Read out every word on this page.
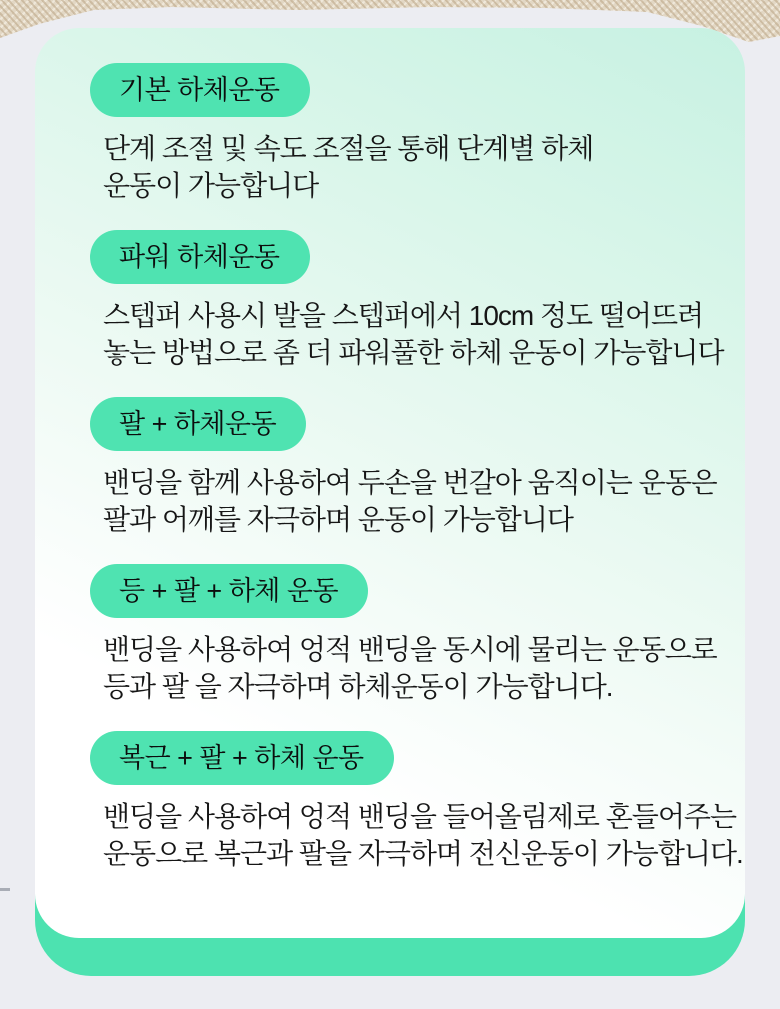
기본 하체운동
단계 조절 및 속도 조절을 통해 단계별 하체
운동이 가능합니다
파워 하체운동
스텝퍼 사용시 발을 스텝퍼에서 10cm 정도 떨어뜨려
놓는 방법으로 좀 더 파워풀한 하체 운동이 가능합니다
팔 + 하체운동
밴딩을 함께 사용하여 두손을 번갈아 움직이는 운동은
팔과 어깨를 자극하며 운동이 가능합니다
등 + 팔 + 하체 운동
밴딩을 사용하여 엉적 밴딩을 동시에 물리는 운동으로
등과 팔 을 자극하며 하체운동이 가능합니다.
복근 + 팔 + 하체 운동
밴딩을 사용하여 엉적 밴딩을 들어올림제로 혼들어주는
운동으로 복근과 팔을 자극하며 전신운동이 가능합니다.
